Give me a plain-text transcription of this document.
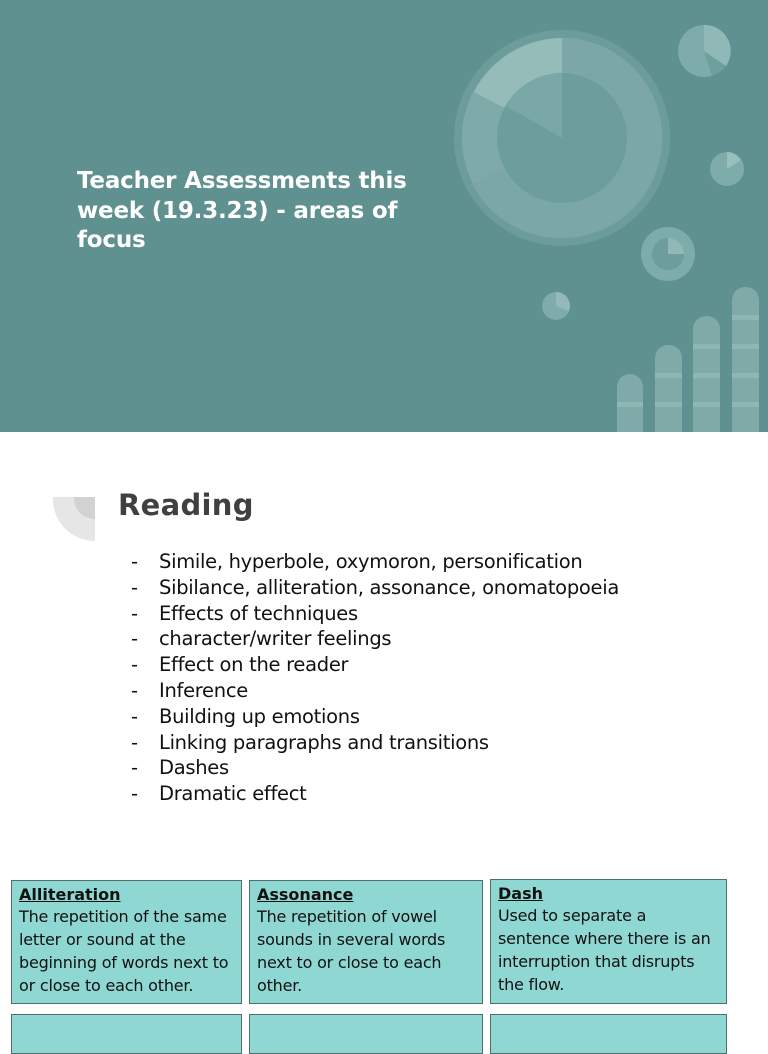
Teacher Assessments this week (19.3.23) - areas of focus
Reading
- Simile, hyperbole, oxymoron, personification
- Sibilance, alliteration, assonance, onomatopoeia
- Effects of techniques
- character/writer feelings
- Effect on the reader
- Inference
- Building up emotions
- Linking paragraphs and transitions
- Dashes
- Dramatic effect
Alliteration
The repetition of the same letter or sound at the beginning of words next to or close to each other.
Assonance
The repetition of vowel sounds in several words next to or close to each other.
Dash
Used to separate a sentence where there is an interruption that disrupts the flow.
